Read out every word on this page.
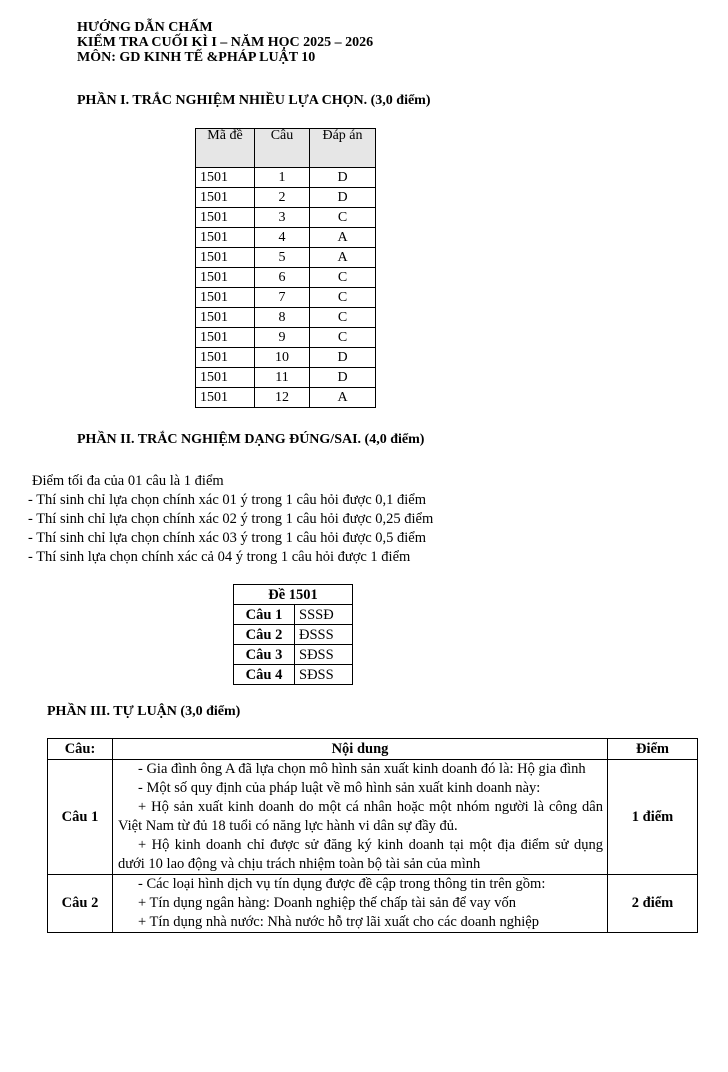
HƯỚNG DẪN CHẤM
KIỂM TRA CUỐI KÌ I – NĂM HỌC 2025 – 2026
MÔN: GD KINH TẾ &PHÁP LUẬT 10
PHẦN I. TRẮC NGHIỆM NHIỀU LỰA CHỌN. (3,0 điểm)
Mã đề	Câu	Đáp án
1501	1	D
1501	2	D
1501	3	C
1501	4	A
1501	5	A
1501	6	C
1501	7	C
1501	8	C
1501	9	C
1501	10	D
1501	11	D
1501	12	A
PHẦN II. TRẮC NGHIỆM DẠNG ĐÚNG/SAI. (4,0 điểm)
Điểm tối đa của 01 câu là 1 điểm
- Thí sinh chỉ lựa chọn chính xác 01 ý trong 1 câu hỏi được 0,1 điểm
- Thí sinh chỉ lựa chọn chính xác 02 ý trong 1 câu hỏi được 0,25 điểm
- Thí sinh chỉ lựa chọn chính xác 03 ý trong 1 câu hỏi được 0,5 điểm
- Thí sinh lựa chọn chính xác cả 04 ý trong 1 câu hỏi được 1 điểm
Đề 1501	
Câu 1	SSSĐ
Câu 2	ĐSSS
Câu 3	SĐSS
Câu 4	SĐSS
PHẦN III. TỰ LUẬN (3,0 điểm)
Câu:	Nội dung	Điểm
Câu 1	- Gia đình ông A đã lựa chọn mô hình sản xuất kinh doanh đó là: Hộ gia đình
- Một số quy định của pháp luật về mô hình sản xuất kinh doanh này:
+ Hộ sản xuất kinh doanh do một cá nhân hoặc một nhóm người là công dân Việt Nam từ đủ 18 tuổi có năng lực hành vi dân sự đầy đủ.
+ Hộ kinh doanh chỉ được sử đăng ký kinh doanh tại một địa điểm sử dụng dưới 10 lao động và chịu trách nhiệm toàn bộ tài sản của mình	1 điểm
Câu 2	- Các loại hình dịch vụ tín dụng được đề cập trong thông tin trên gồm:
+ Tín dụng ngân hàng: Doanh nghiệp thế chấp tài sản để vay vốn
+ Tín dụng nhà nước: Nhà nước hỗ trợ lãi xuất cho các doanh nghiệp	2 điểm
